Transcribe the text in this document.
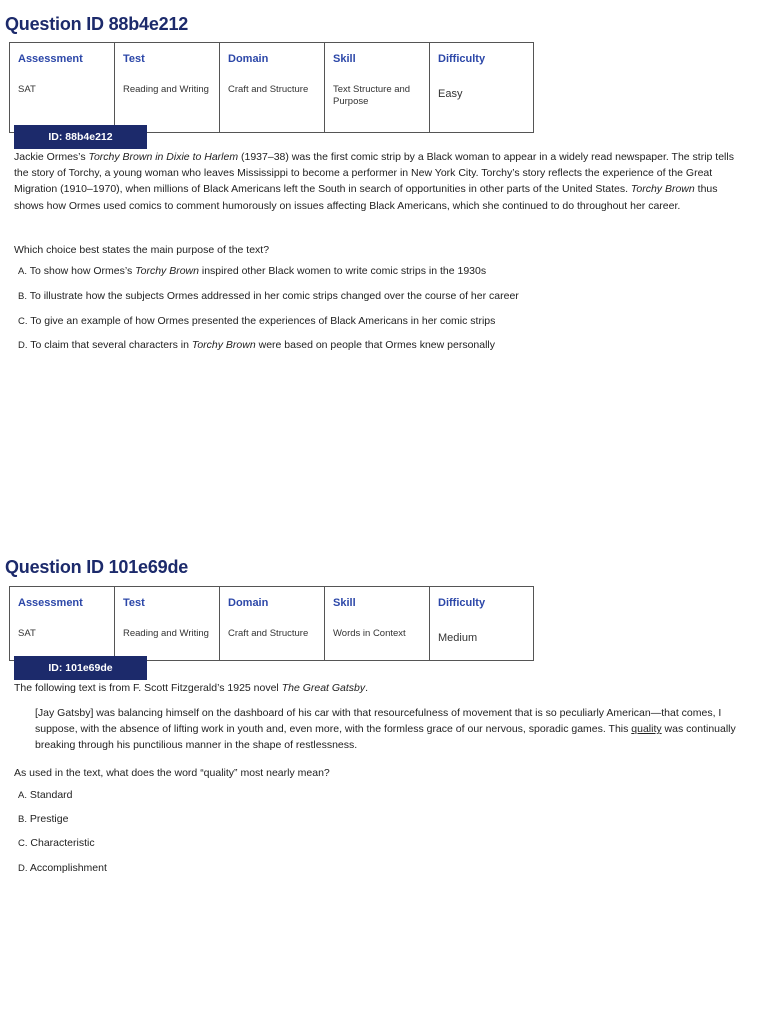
Question ID 88b4e212
Assessment	Test	Domain	Skill	Difficulty
SAT	Reading and Writing	Craft and Structure	Text Structure and Purpose	Easy
ID: 88b4e212

Jackie Ormes’s Torchy Brown in Dixie to Harlem (1937–38) was the first comic strip by a Black woman to appear in a widely read newspaper. The strip tells the story of Torchy, a young woman who leaves Mississippi to become a performer in New York City. Torchy’s story reflects the experience of the Great Migration (1910–1970), when millions of Black Americans left the South in search of opportunities in other parts of the United States. Torchy Brown thus shows how Ormes used comics to comment humorously on issues affecting Black Americans, which she continued to do throughout her career.

Which choice best states the main purpose of the text?

A. To show how Ormes’s Torchy Brown inspired other Black women to write comic strips in the 1930s

B. To illustrate how the subjects Ormes addressed in her comic strips changed over the course of her career

C. To give an example of how Ormes presented the experiences of Black Americans in her comic strips

D. To claim that several characters in Torchy Brown were based on people that Ormes knew personally

Question ID 101e69de
Assessment	Test	Domain	Skill	Difficulty
SAT	Reading and Writing	Craft and Structure	Words in Context	Medium
ID: 101e69de

The following text is from F. Scott Fitzgerald’s 1925 novel The Great Gatsby.

[Jay Gatsby] was balancing himself on the dashboard of his car with that resourcefulness of movement that is so peculiarly American—that comes, I suppose, with the absence of lifting work in youth and, even more, with the formless grace of our nervous, sporadic games. This quality was continually breaking through his punctilious manner in the shape of restlessness.

As used in the text, what does the word “quality” most nearly mean?

A. Standard

B. Prestige

C. Characteristic

D. Accomplishment
